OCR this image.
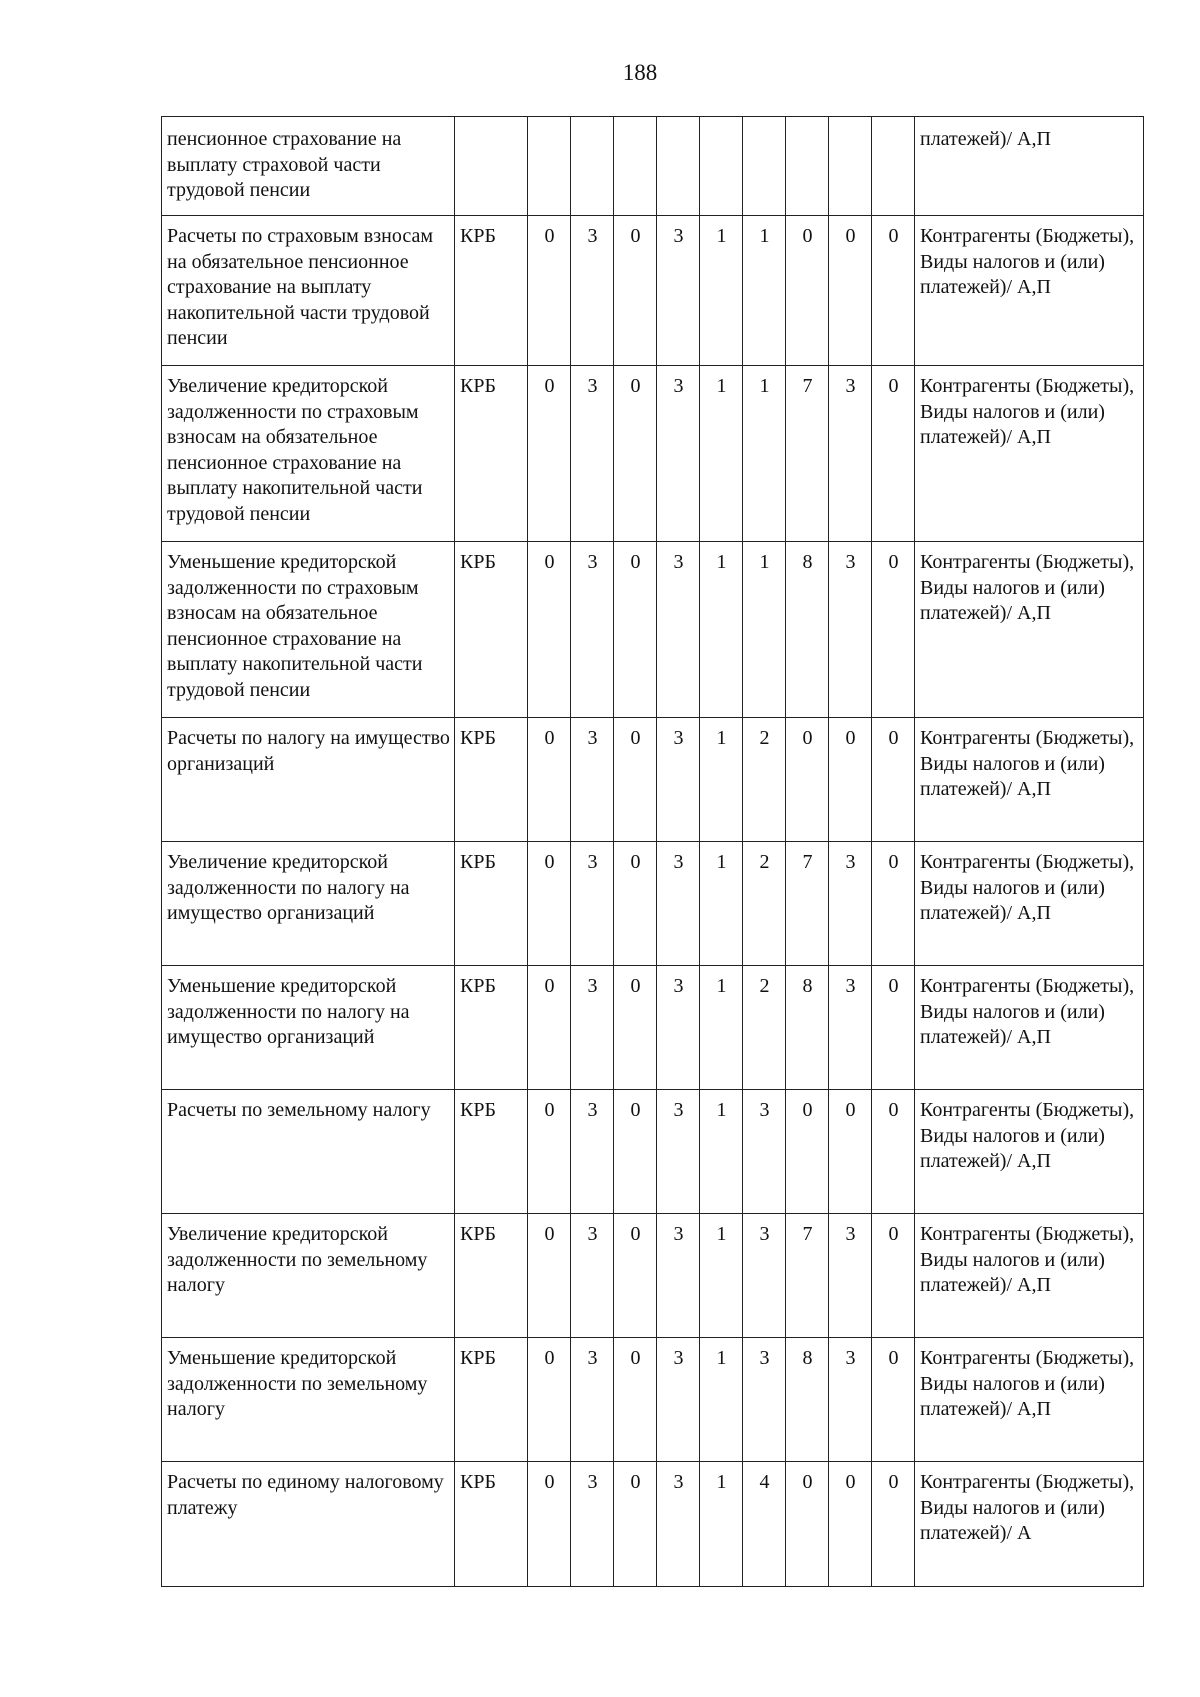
188
пенсионное страхование на выплату страховой части трудовой пенсии											платежей)/ А,П
Расчеты по страховым взносам на обязательное пенсионное страхование на выплату накопительной части трудовой пенсии	КРБ	0	3	0	3	1	1	0	0	0	Контрагенты (Бюджеты), Виды налогов и (или) платежей)/ А,П
Увеличение кредиторской задолженности по страховым взносам на обязательное пенсионное страхование на выплату накопительной части трудовой пенсии	КРБ	0	3	0	3	1	1	7	3	0	Контрагенты (Бюджеты), Виды налогов и (или) платежей)/ А,П
Уменьшение кредиторской задолженности по страховым взносам на обязательное пенсионное страхование на выплату накопительной части трудовой пенсии	КРБ	0	3	0	3	1	1	8	3	0	Контрагенты (Бюджеты), Виды налогов и (или) платежей)/ А,П
Расчеты по налогу на имущество организаций	КРБ	0	3	0	3	1	2	0	0	0	Контрагенты (Бюджеты), Виды налогов и (или) платежей)/ А,П
Увеличение кредиторской задолженности по налогу на имущество организаций	КРБ	0	3	0	3	1	2	7	3	0	Контрагенты (Бюджеты), Виды налогов и (или) платежей)/ А,П
Уменьшение кредиторской задолженности по налогу на имущество организаций	КРБ	0	3	0	3	1	2	8	3	0	Контрагенты (Бюджеты), Виды налогов и (или) платежей)/ А,П
Расчеты по земельному налогу	КРБ	0	3	0	3	1	3	0	0	0	Контрагенты (Бюджеты), Виды налогов и (или) платежей)/ А,П
Увеличение кредиторской задолженности по земельному налогу	КРБ	0	3	0	3	1	3	7	3	0	Контрагенты (Бюджеты), Виды налогов и (или) платежей)/ А,П
Уменьшение кредиторской задолженности по земельному налогу	КРБ	0	3	0	3	1	3	8	3	0	Контрагенты (Бюджеты), Виды налогов и (или) платежей)/ А,П
Расчеты по единому налоговому платежу	КРБ	0	3	0	3	1	4	0	0	0	Контрагенты (Бюджеты), Виды налогов и (или) платежей)/ А
